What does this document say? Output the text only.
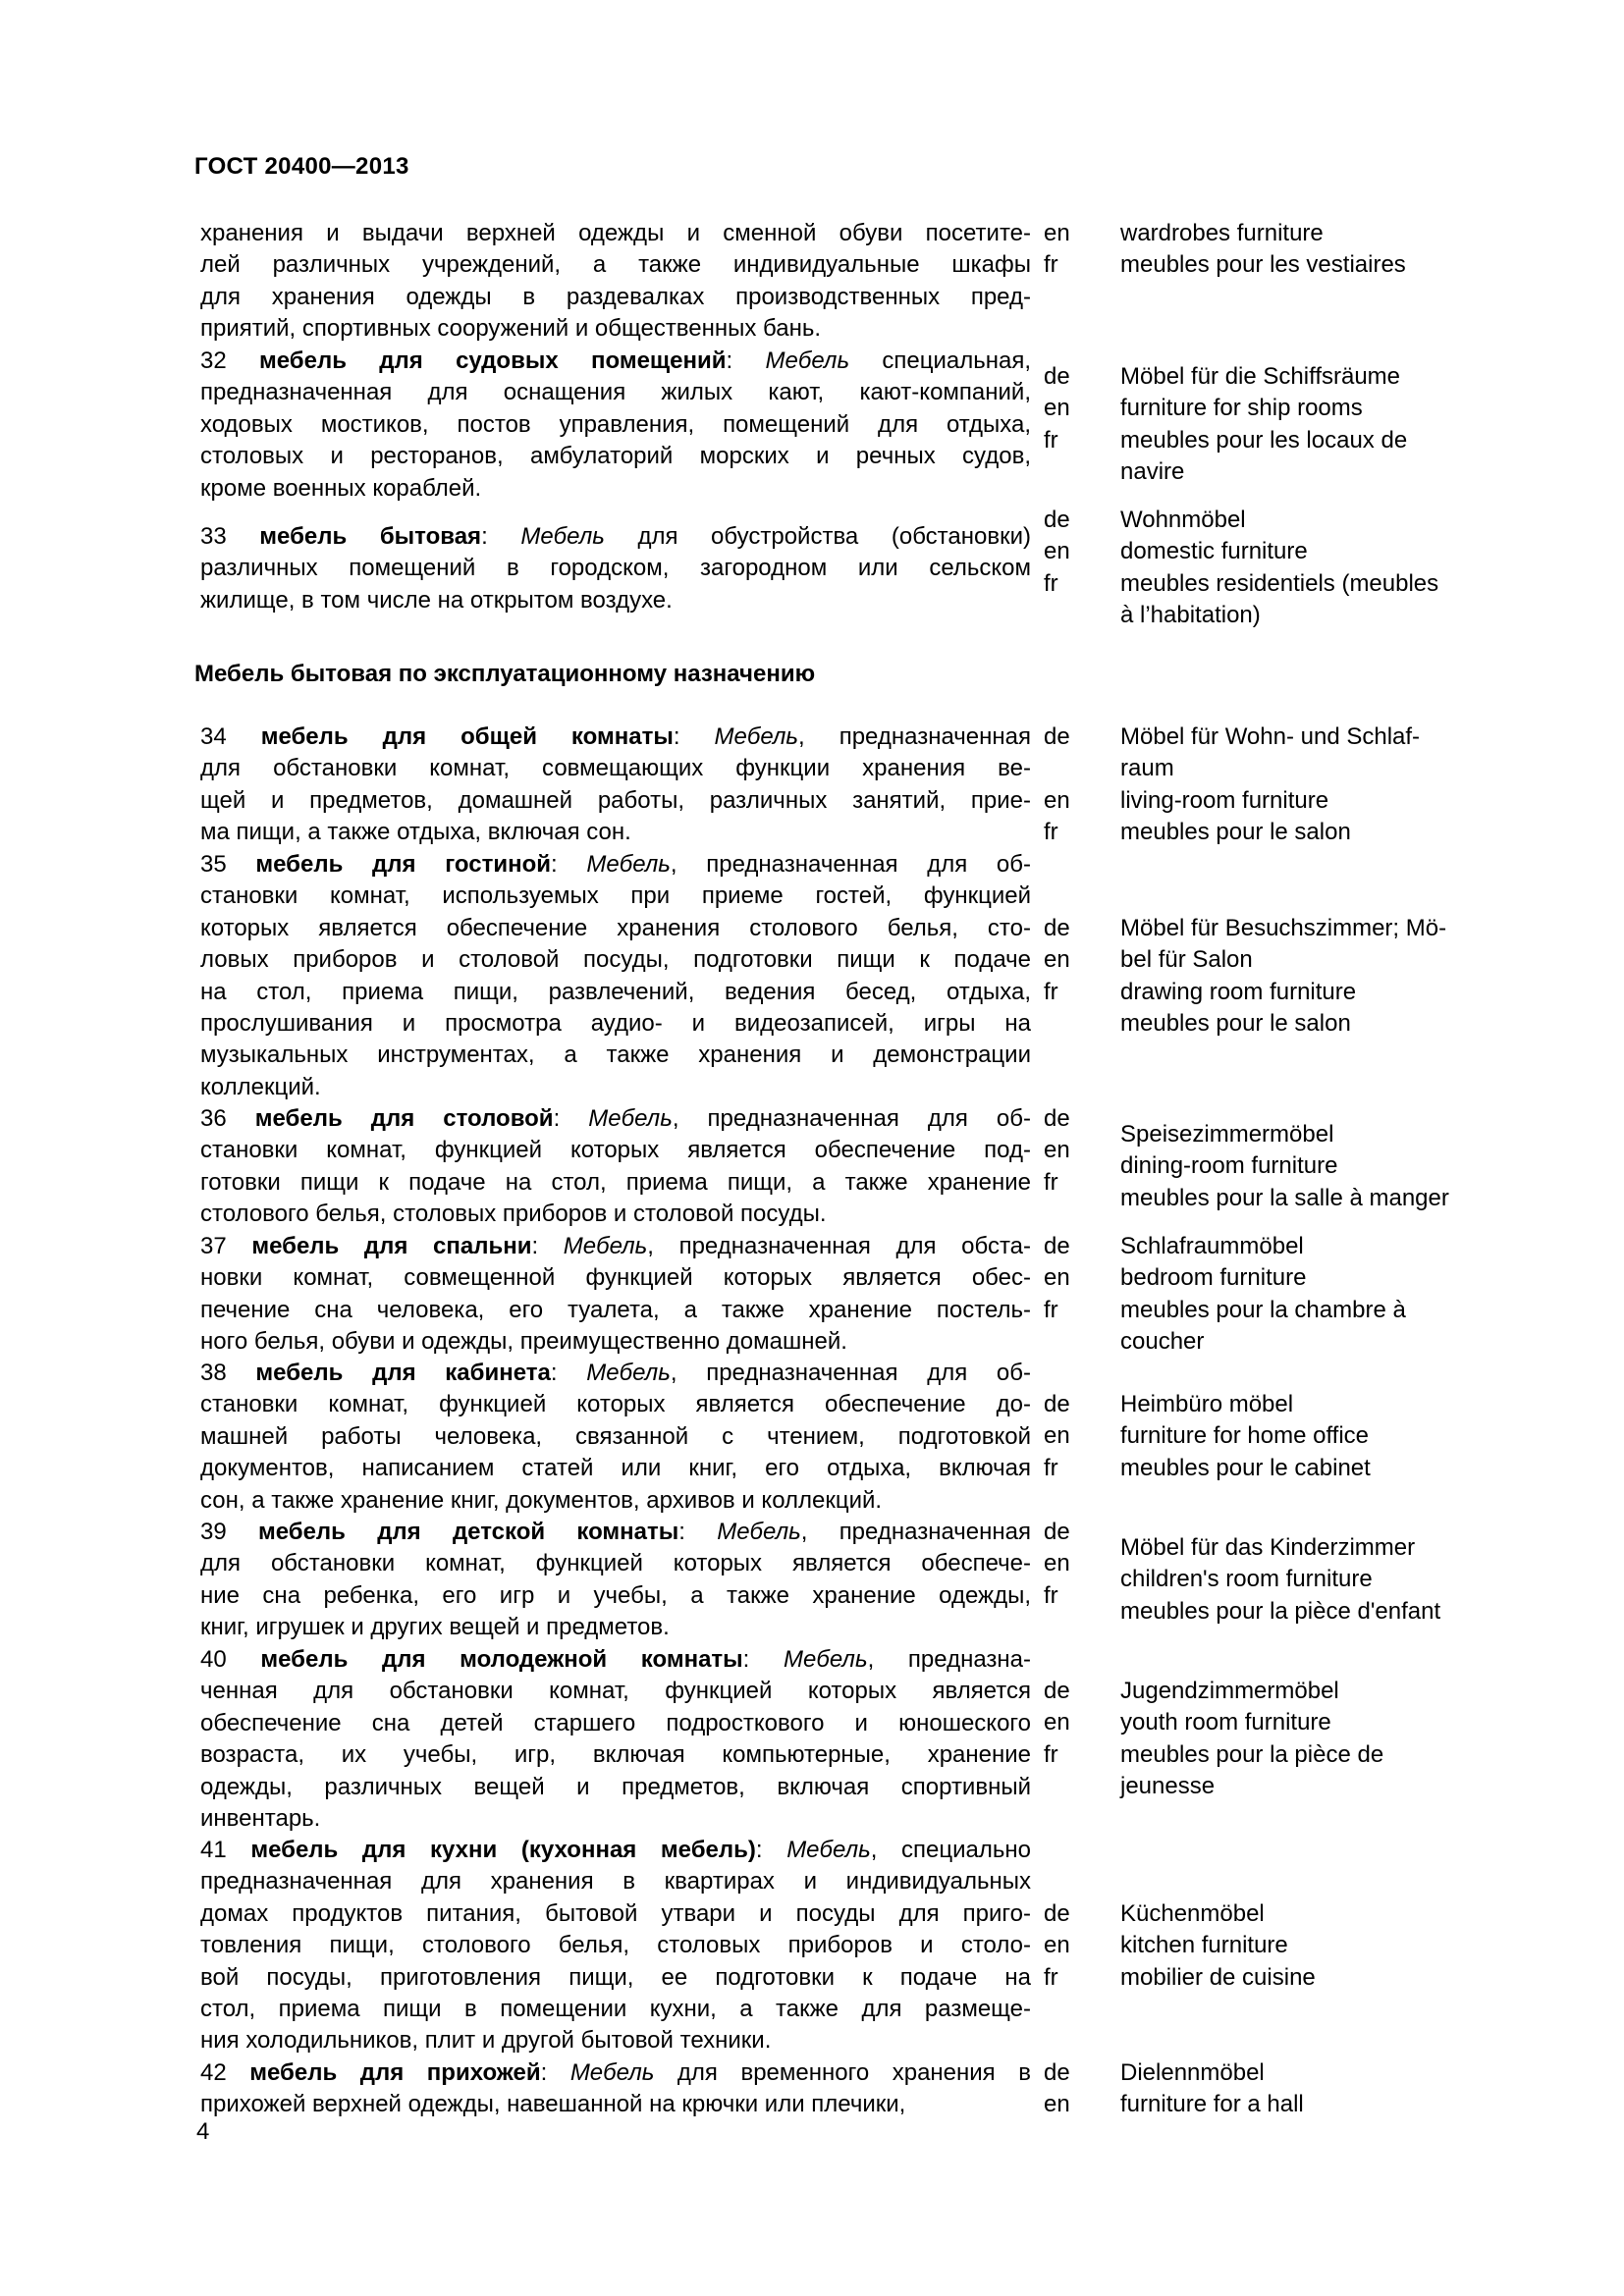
ГОСТ 20400—2013
Мебель бытовая по эксплуатационному назначению
хранения и выдачи верхней одежды и сменной обуви посетите-
лей различных учреждений, а также индивидуальные шкафы
для хранения одежды в раздевалках производственных пред-
приятий, спортивных сооружений и общественных бань.
en
fr
wardrobes furniture
meubles pour les vestiaires
32 мебель для судовых помещений: Мебель специальная,
предназначенная для оснащения жилых кают, кают-компаний,
ходовых мостиков, постов управления, помещений для отдыха,
столовых и ресторанов, амбулаторий морских и речных судов,
кроме военных кораблей.
de
en
fr
Möbel für die Schiffsräume
furniture for ship rooms
meubles pour les locaux de
navire
33 мебель бытовая: Мебель для обустройства (обстановки)
различных помещений в городском, загородном или сельском
жилище, в том числе на открытом воздухе.
de
en
fr
Wohnmöbel
domestic furniture
meubles residentiels (meubles
à l’habitation)
34 мебель для общей комнаты: Мебель, предназначенная
для обстановки комнат, совмещающих функции хранения ве-
щей и предметов, домашней работы, различных занятий, прие-
ма пищи, а также отдыха, включая сон.
de
en
fr
Möbel für Wohn- und Schlaf-
raum
living-room furniture
meubles pour le salon
35 мебель для гостиной: Мебель, предназначенная для об-
становки комнат, используемых при приеме гостей, функцией
которых является обеспечение хранения столового белья, сто-
ловых приборов и столовой посуды, подготовки пищи к подаче
на стол, приема пищи, развлечений, ведения бесед, отдыха,
прослушивания и просмотра аудио- и видеозаписей, игры на
музыкальных инструментах, а также хранения и демонстрации
коллекций.
de
en
fr
Möbel für Besuchszimmer; Mö-
bel für Salon
drawing room furniture
meubles pour le salon
36 мебель для столовой: Мебель, предназначенная для об-
становки комнат, функцией которых является обеспечение под-
готовки пищи к подаче на стол, приема пищи, а также хранение
столового белья, столовых приборов и столовой посуды.
de
en
fr
Speisezimmermöbel
dining-room furniture
meubles pour la salle à manger
37 мебель для спальни: Мебель, предназначенная для обста-
новки комнат, совмещенной функцией которых является обес-
печение сна человека, его туалета, а также хранение постель-
ного белья, обуви и одежды, преимущественно домашней.
de
en
fr
Schlafraummöbel
bedroom furniture
meubles pour la chambre à
coucher
38 мебель для кабинета: Мебель, предназначенная для об-
становки комнат, функцией которых является обеспечение до-
машней работы человека, связанной с чтением, подготовкой
документов, написанием статей или книг, его отдыха, включая
сон, а также хранение книг, документов, архивов и коллекций.
de
en
fr
Heimbüro möbel
furniture for home office
meubles pour le cabinet
39 мебель для детской комнаты: Мебель, предназначенная
для обстановки комнат, функцией которых является обеспече-
ние сна ребенка, его игр и учебы, а также хранение одежды,
книг, игрушек и других вещей и предметов.
de
en
fr
Möbel für das Kinderzimmer
children's room furniture
meubles pour la pièce d'enfant
40 мебель для молодежной комнаты: Мебель, предназна-
ченная для обстановки комнат, функцией которых является
обеспечение сна детей старшего подросткового и юношеского
возраста, их учебы, игр, включая компьютерные, хранение
одежды, различных вещей и предметов, включая спортивный
инвентарь.
de
en
fr
Jugendzimmermöbel
youth room furniture
meubles pour la pièce de
jeunesse
41 мебель для кухни (кухонная мебель): Мебель, специально
предназначенная для хранения в квартирах и индивидуальных
домах продуктов питания, бытовой утвари и посуды для приго-
товления пищи, столового белья, столовых приборов и столо-
вой посуды, приготовления пищи, ее подготовки к подаче на
стол, приема пищи в помещении кухни, а также для размеще-
ния холодильников, плит и другой бытовой техники.
de
en
fr
Küchenmöbel
kitchen furniture
mobilier de cuisine
42 мебель для прихожей: Мебель для временного хранения в
прихожей верхней одежды, навешанной на крючки или плечики,
de
en
Dielennmöbel
furniture for a hall
4
